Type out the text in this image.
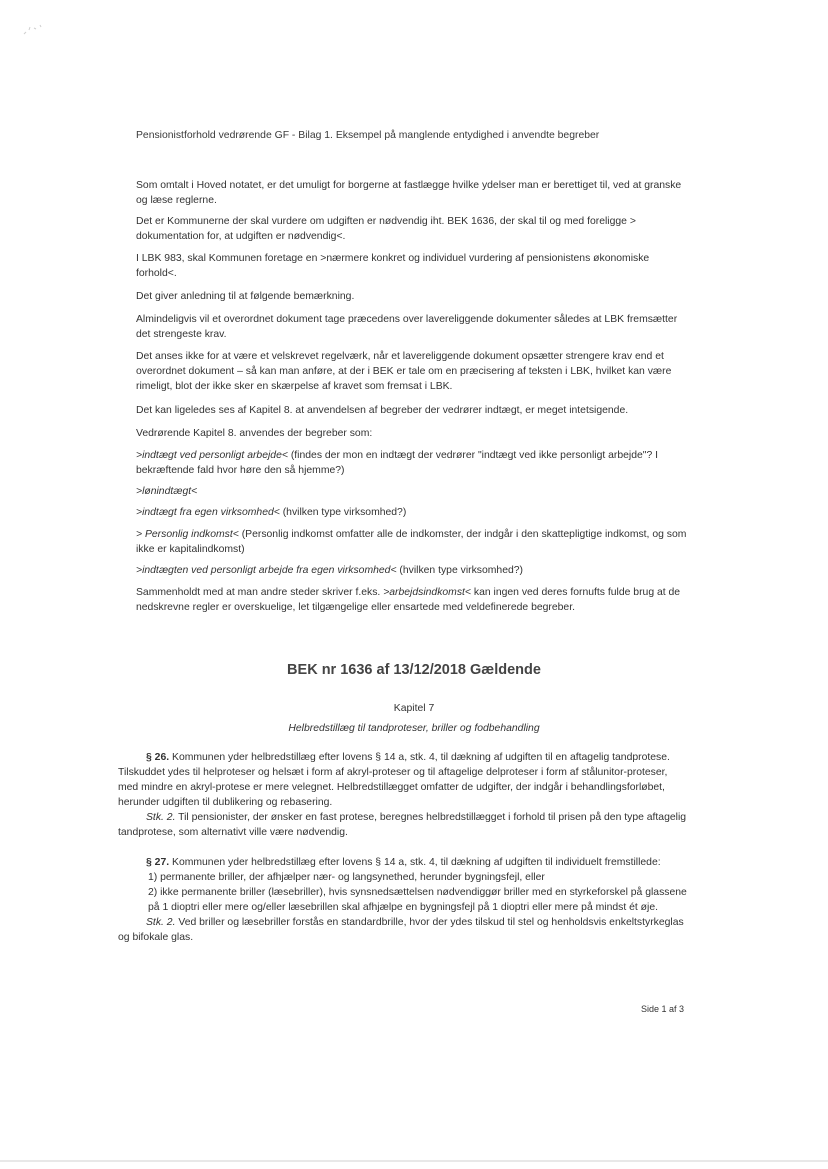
Pensionistforhold vedrørende GF - Bilag 1. Eksempel på manglende entydighed i anvendte begreber
Som omtalt i Hoved notatet, er det umuligt for borgerne at fastlægge hvilke ydelser man er berettiget til, ved at granske og læse reglerne.
Det er Kommunerne der skal vurdere om udgiften er nødvendig iht. BEK 1636, der skal til og med foreligge > dokumentation for, at udgiften er nødvendig<.
I LBK 983, skal Kommunen foretage en >nærmere konkret og individuel vurdering af pensionistens økonomiske forhold<.
Det giver anledning til at følgende bemærkning.
Almindeligvis vil et overordnet dokument tage præcedens over lavereliggende dokumenter således at LBK fremsætter det strengeste krav.
Det anses ikke for at være et velskrevet regelværk, når et lavereliggende dokument opsætter strengere krav end et overordnet dokument – så kan man anføre, at der i BEK er tale om en præcisering af teksten i LBK, hvilket kan være rimeligt, blot der ikke sker en skærpelse af kravet som fremsat i LBK.
Det kan ligeledes ses af Kapitel 8. at anvendelsen af begreber der vedrører indtægt, er meget intetsigende.
Vedrørende Kapitel 8. anvendes der begreber som:
>indtægt ved personligt arbejde< (findes der mon en indtægt der vedrører "indtægt ved ikke personligt arbejde"? I bekræftende fald hvor høre den så hjemme?)
>lønindtægt<
>indtægt fra egen virksomhed< (hvilken type virksomhed?)
> Personlig indkomst< (Personlig indkomst omfatter alle de indkomster, der indgår i den skattepligtige indkomst, og som ikke er kapitalindkomst)
>indtægten ved personligt arbejde fra egen virksomhed< (hvilken type virksomhed?)
Sammenholdt med at man andre steder skriver f.eks. >arbejdsindkomst< kan ingen ved deres fornufts fulde brug at de nedskrevne regler er overskuelige, let tilgængelige eller ensartede med veldefinerede begreber.
BEK nr 1636 af 13/12/2018 Gældende
Kapitel 7
Helbredstillæg til tandproteser, briller og fodbehandling

§ 26. Kommunen yder helbredstillæg efter lovens § 14 a, stk. 4, til dækning af udgiften til en aftagelig tandprotese. Tilskuddet ydes til helproteser og helsæt i form af akryl-proteser og til aftagelige delproteser i form af stålunitor-proteser, med mindre en akryl-protese er mere velegnet. Helbredstillægget omfatter de udgifter, der indgår i behandlingsforløbet, herunder udgiften til dublikering og rebasering.

Stk. 2. Til pensionister, der ønsker en fast protese, beregnes helbredstillægget i forhold til prisen på den type aftagelig tandprotese, som alternativt ville være nødvendig.

§ 27. Kommunen yder helbredstillæg efter lovens § 14 a, stk. 4, til dækning af udgiften til individuelt fremstillede:

1) permanente briller, der afhjælper nær- og langsynethed, herunder bygningsfejl, eller

2) ikke permanente briller (læsebriller), hvis synsnedsættelsen nødvendiggør briller med en styrkeforskel på glassene på 1 dioptri eller mere og/eller læsebrillen skal afhjælpe en bygningsfejl på 1 dioptri eller mere på mindst ét øje.

Stk. 2. Ved briller og læsebriller forstås en standardbrille, hvor der ydes tilskud til stel og henholdsvis enkeltstyrkeglas og bifokale glas.

Side 1 af 3
